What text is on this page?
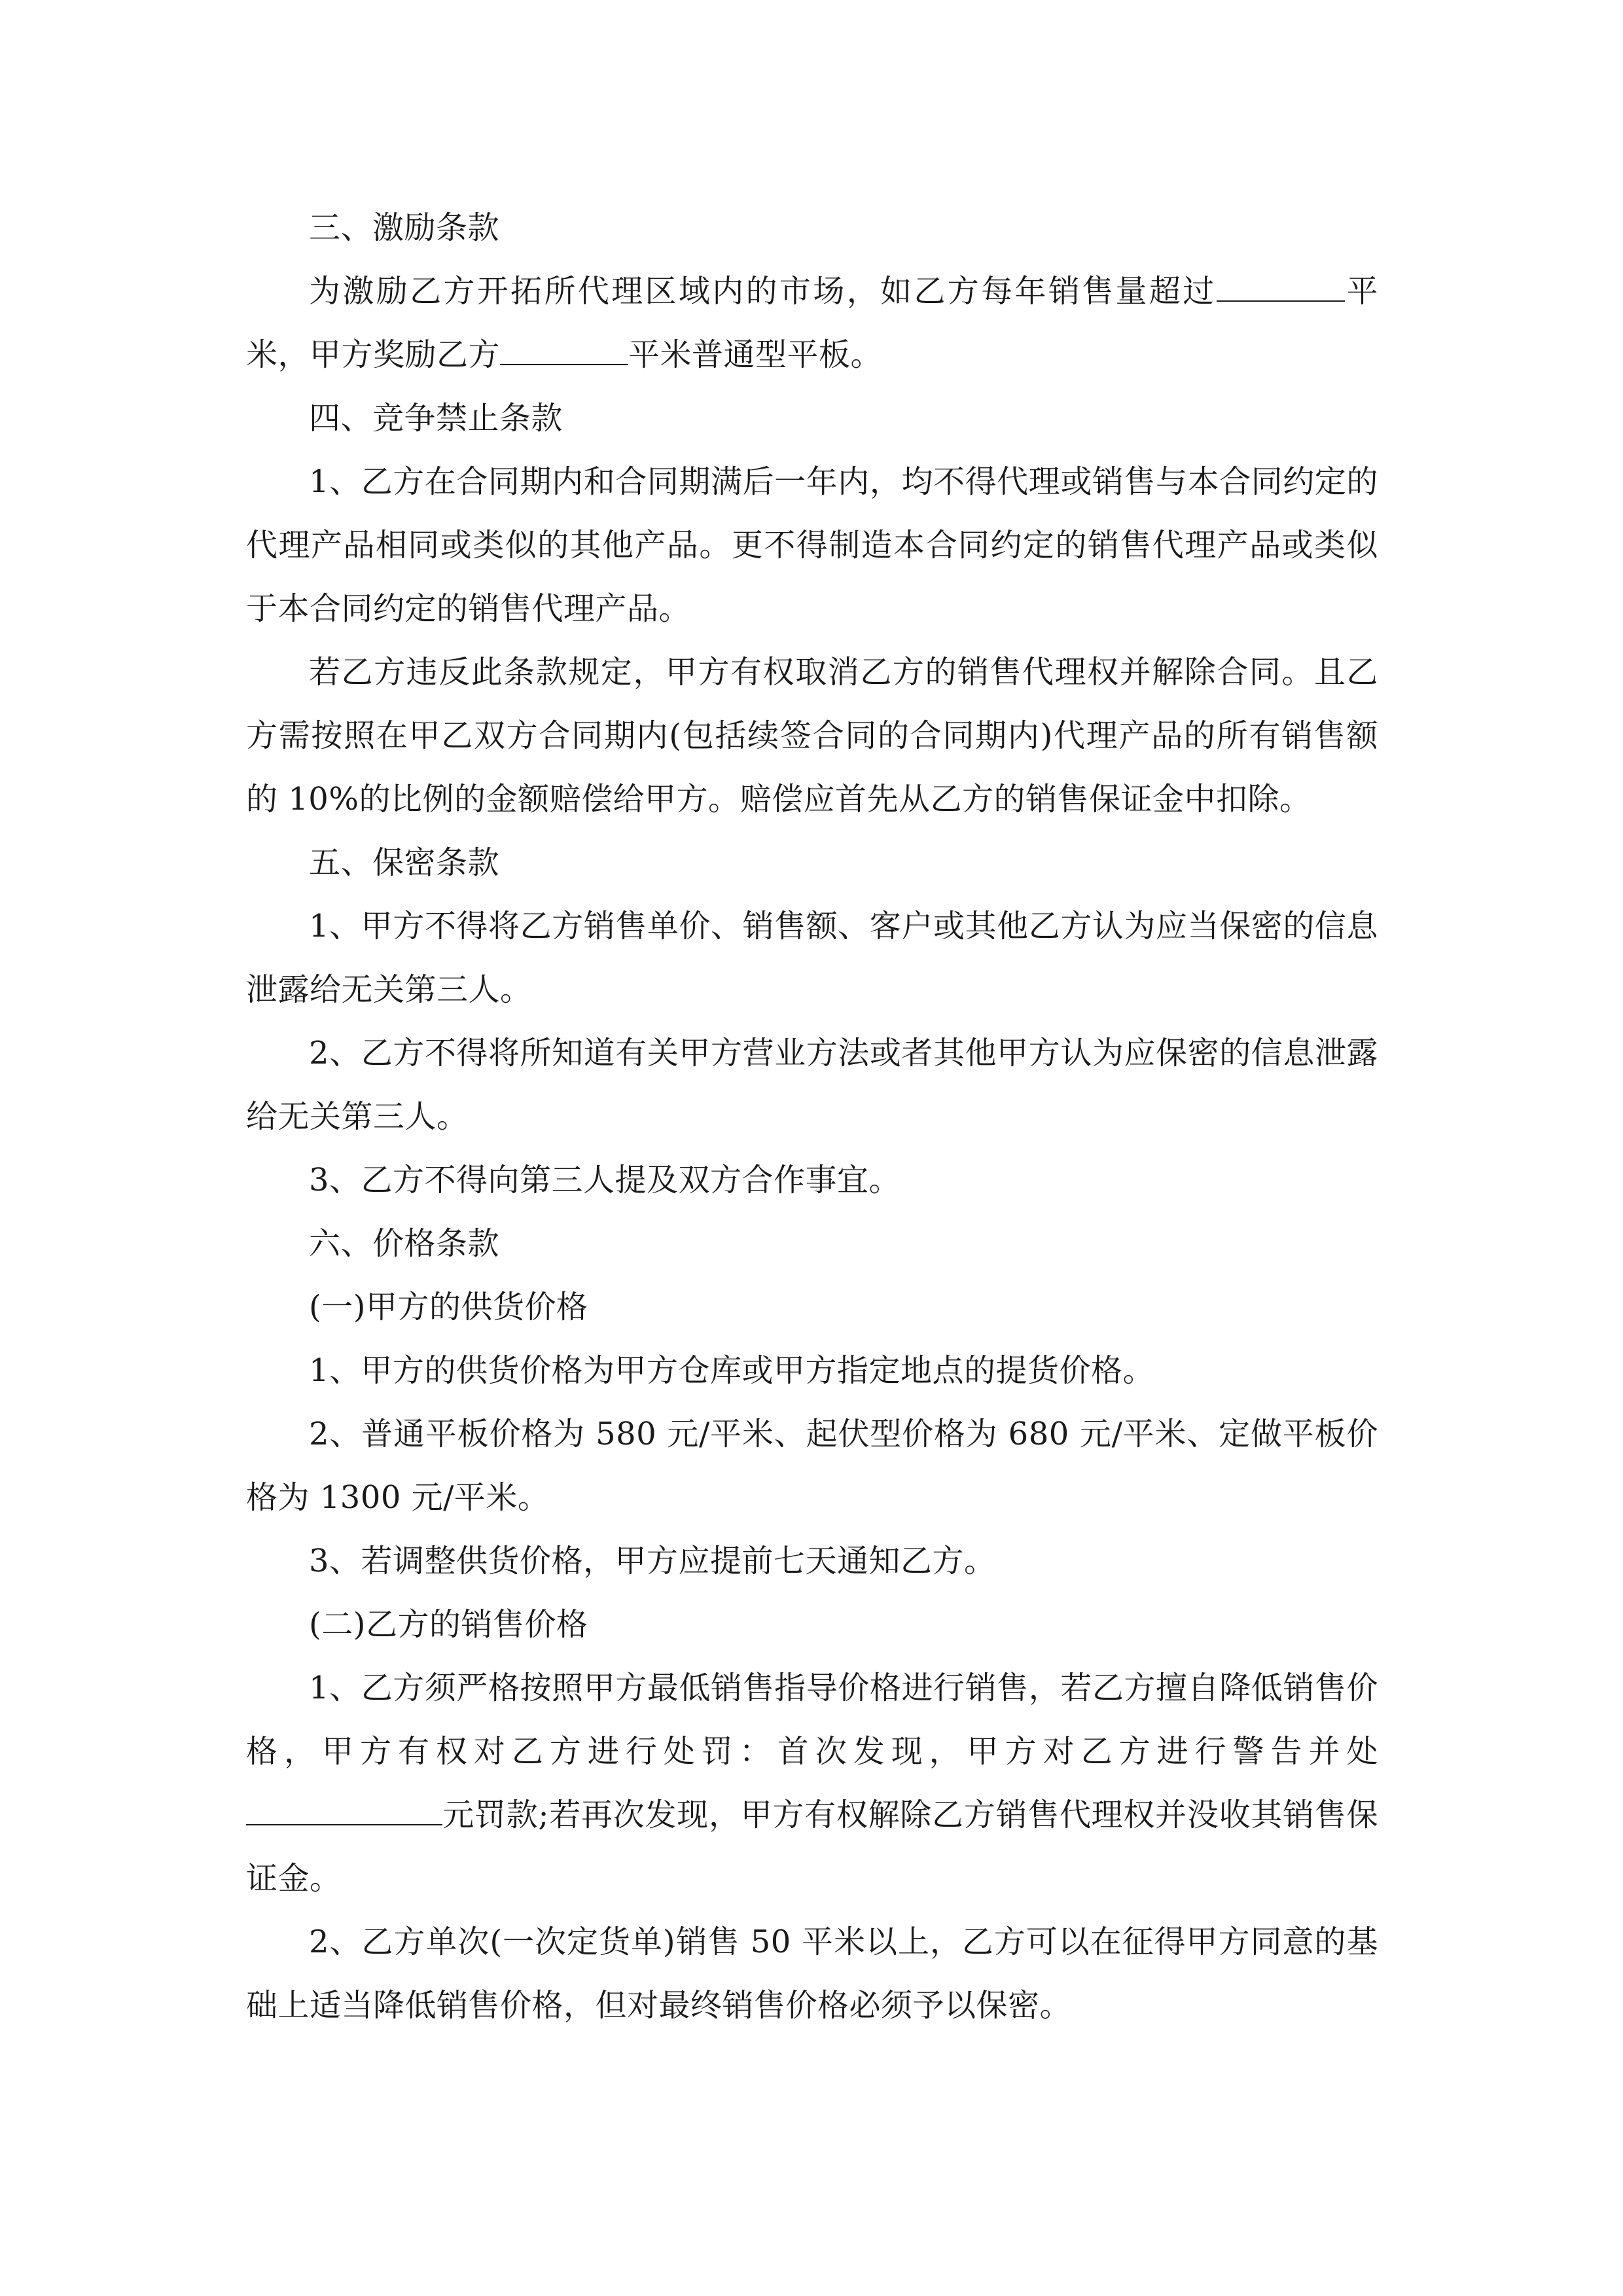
三、激励条款

为激励乙方开拓所代理区域内的市场，如乙方每年销售量超过	平米，甲方奖励乙方	平米普通型平板。

四、竞争禁止条款

1、乙方在合同期内和合同期满后一年内，均不得代理或销售与本合同约定的代理产品相同或类似的其他产品。更不得制造本合同约定的销售代理产品或类似于本合同约定的销售代理产品。

若乙方违反此条款规定，甲方有权取消乙方的销售代理权并解除合同。且乙方需按照在甲乙双方合同期内(包括续签合同的合同期内)代理产品的所有销售额的 10%的比例的金额赔偿给甲方。赔偿应首先从乙方的销售保证金中扣除。

五、保密条款

1、甲方不得将乙方销售单价、销售额、客户或其他乙方认为应当保密的信息泄露给无关第三人。

2、乙方不得将所知道有关甲方营业方法或者其他甲方认为应保密的信息泄露给无关第三人。

3、乙方不得向第三人提及双方合作事宜。

六、价格条款

(一)甲方的供货价格

1、甲方的供货价格为甲方仓库或甲方指定地点的提货价格。

2、普通平板价格为 580 元/平米、起伏型价格为 680 元/平米、定做平板价格为 1300 元/平米。

3、若调整供货价格，甲方应提前七天通知乙方。

(二)乙方的销售价格

1、乙方须严格按照甲方最低销售指导价格进行销售，若乙方擅自降低销售价格，甲方有权对乙方进行处罚：首次发现，甲方对乙方进行警告并处元罚款;若再次发现，甲方有权解除乙方销售代理权并没收其销售保证金。

2、乙方单次(一次定货单)销售 50 平米以上，乙方可以在征得甲方同意的基础上适当降低销售价格，但对最终销售价格必须予以保密。
